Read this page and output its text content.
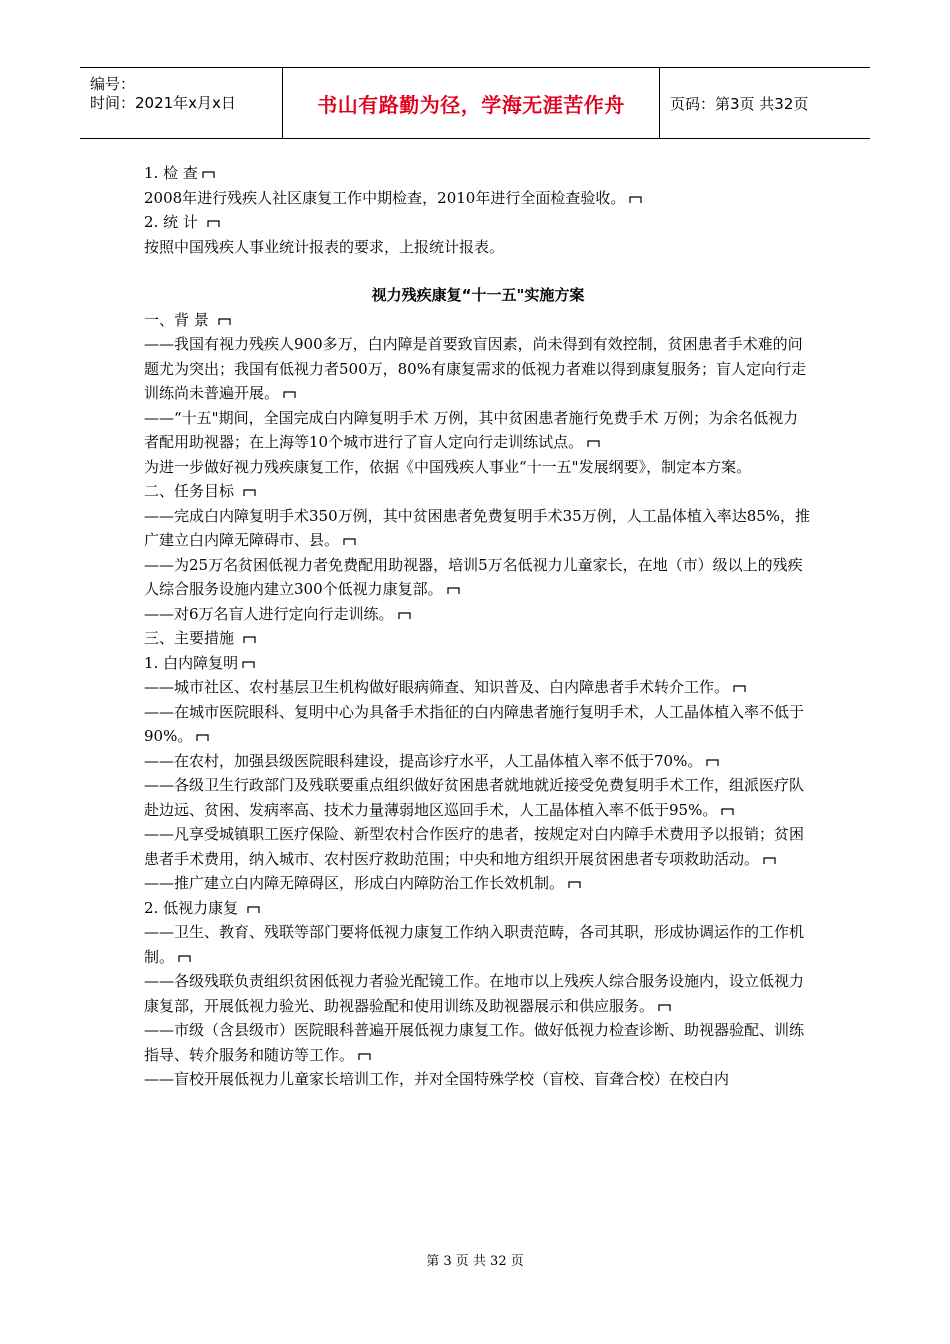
编号：
时间：2021年x月x日	书山有路勤为径，学海无涯苦作舟	页码：第3页 共32页

1. 检 查

2008年进行残疾人社区康复工作中期检查，2010年进行全面检查验收。

2. 统 计

按照中国残疾人事业统计报表的要求，上报统计报表。

视力残疾康复“十一五"实施方案

一、背 景

——我国有视力残疾人900多万，白内障是首要致盲因素，尚未得到有效控制，贫困患者手术难的问题尤为突出；我国有低视力者500万，80%有康复需求的低视力者难以得到康复服务；盲人定向行走训练尚未普遍开展。

——“十五"期间，全国完成白内障复明手术 万例，其中贫困患者施行免费手术 万例；为余名低视力者配用助视器；在上海等10个城市进行了盲人定向行走训练试点。

为进一步做好视力残疾康复工作，依据《中国残疾人事业“十一五"发展纲要》，制定本方案。

二、任务目标

——完成白内障复明手术350万例，其中贫困患者免费复明手术35万例，人工晶体植入率达85%，推广建立白内障无障碍市、县。

——为25万名贫困低视力者免费配用助视器，培训5万名低视力儿童家长，在地（市）级以上的残疾人综合服务设施内建立300个低视力康复部。

——对6万名盲人进行定向行走训练。

三、主要措施

1. 白内障复明

——城市社区、农村基层卫生机构做好眼病筛查、知识普及、白内障患者手术转介工作。

——在城市医院眼科、复明中心为具备手术指征的白内障患者施行复明手术，人工晶体植入率不低于90%。

——在农村，加强县级医院眼科建设，提高诊疗水平，人工晶体植入率不低于70%。

——各级卫生行政部门及残联要重点组织做好贫困患者就地就近接受免费复明手术工作，组派医疗队赴边远、贫困、发病率高、技术力量薄弱地区巡回手术，人工晶体植入率不低于95%。

——凡享受城镇职工医疗保险、新型农村合作医疗的患者，按规定对白内障手术费用予以报销；贫困患者手术费用，纳入城市、农村医疗救助范围；中央和地方组织开展贫困患者专项救助活动。

——推广建立白内障无障碍区，形成白内障防治工作长效机制。

2. 低视力康复

——卫生、教育、残联等部门要将低视力康复工作纳入职责范畴，各司其职，形成协调运作的工作机制。

——各级残联负责组织贫困低视力者验光配镜工作。在地市以上残疾人综合服务设施内，设立低视力康复部，开展低视力验光、助视器验配和使用训练及助视器展示和供应服务。

——市级（含县级市）医院眼科普遍开展低视力康复工作。做好低视力检查诊断、助视器验配、训练指导、转介服务和随访等工作。

——盲校开展低视力儿童家长培训工作，并对全国特殊学校（盲校、盲聋合校）在校白内

第 3 页 共 32 页
